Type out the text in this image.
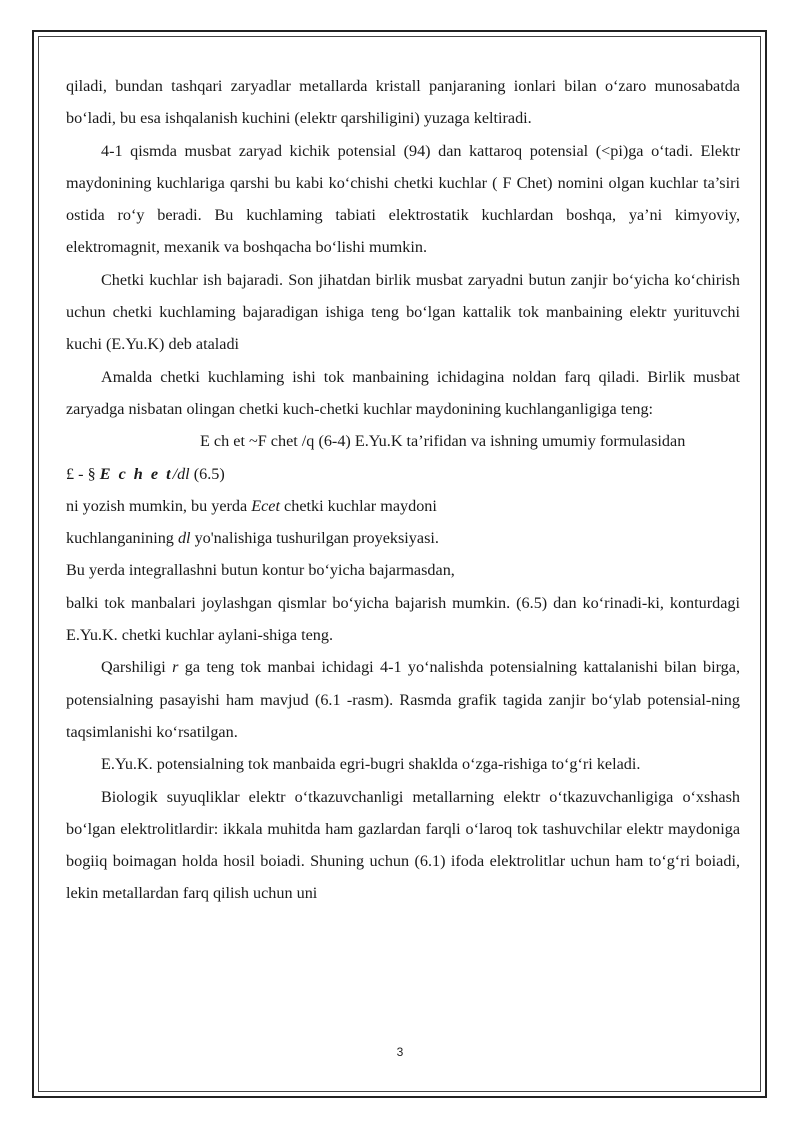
qiladi, bundan tashqari zaryadlar metallarda kristall panjaraning ionlari bilan o‘zaro munosabatda bo‘ladi, bu esa ishqalanish kuchini (elektr qarshiligini) yuzaga keltiradi.

4-1 qismda musbat zaryad kichik potensial (94) dan kattaroq potensial (<pi)ga o‘tadi. Elektr maydonining kuchlariga qarshi bu kabi ko‘chishi chetki kuchlar ( F Chet) nomini olgan kuchlar ta’siri ostida ro‘y beradi. Bu kuchlaming tabiati elektrostatik kuchlardan boshqa, ya’ni kimyoviy, elektromagnit, mexanik va boshqacha bo‘lishi mumkin.

Chetki kuchlar ish bajaradi. Son jihatdan birlik musbat zaryadni butun zanjir bo‘yicha ko‘chirish uchun chetki kuchlaming bajaradigan ishiga teng bo‘lgan kattalik tok manbaining elektr yurituvchi kuchi (E.Yu.K) deb ataladi

Amalda chetki kuchlaming ishi tok manbaining ichidagina noldan farq qiladi. Birlik musbat zaryadga nisbatan olingan chetki kuch-chetki kuchlar maydonining kuchlanganligiga teng:

E ch et ~F chet /q (6-4) E.Yu.K ta’rifidan va ishning umumiy formulasidan

£ - § E c h e t/dl (6.5)

ni yozish mumkin, bu yerda Ecet chetki kuchlar maydoni

kuchlanganining dl yo'nalishiga tushurilgan proyeksiyasi.

Bu yerda integrallashni butun kontur bo‘yicha bajarmasdan,

balki tok manbalari joylashgan qismlar bo‘yicha bajarish mumkin. (6.5) dan ko‘rinadi-ki, konturdagi E.Yu.K. chetki kuchlar aylani-shiga teng.

Qarshiligi r ga teng tok manbai ichidagi 4-1 yo‘nalishda potensialning kattalanishi bilan birga, potensialning pasayishi ham mavjud (6.1 -rasm). Rasmda grafik tagida zanjir bo‘ylab potensial-ning taqsimlanishi ko‘rsatilgan.

E.Yu.K. potensialning tok manbaida egri-bugri shaklda o‘zga-rishiga to‘g‘ri keladi.

Biologik suyuqliklar elektr o‘tkazuvchanligi metallarning elektr o‘tkazuvchanligiga o‘xshash bo‘lgan elektrolitlardir: ikkala muhitda ham gazlardan farqli o‘laroq tok tashuvchilar elektr maydoniga bogiiq boimagan holda hosil boiadi. Shuning uchun (6.1) ifoda elektrolitlar uchun ham to‘g‘ri boiadi, lekin metallardan farq qilish uchun uni

3
